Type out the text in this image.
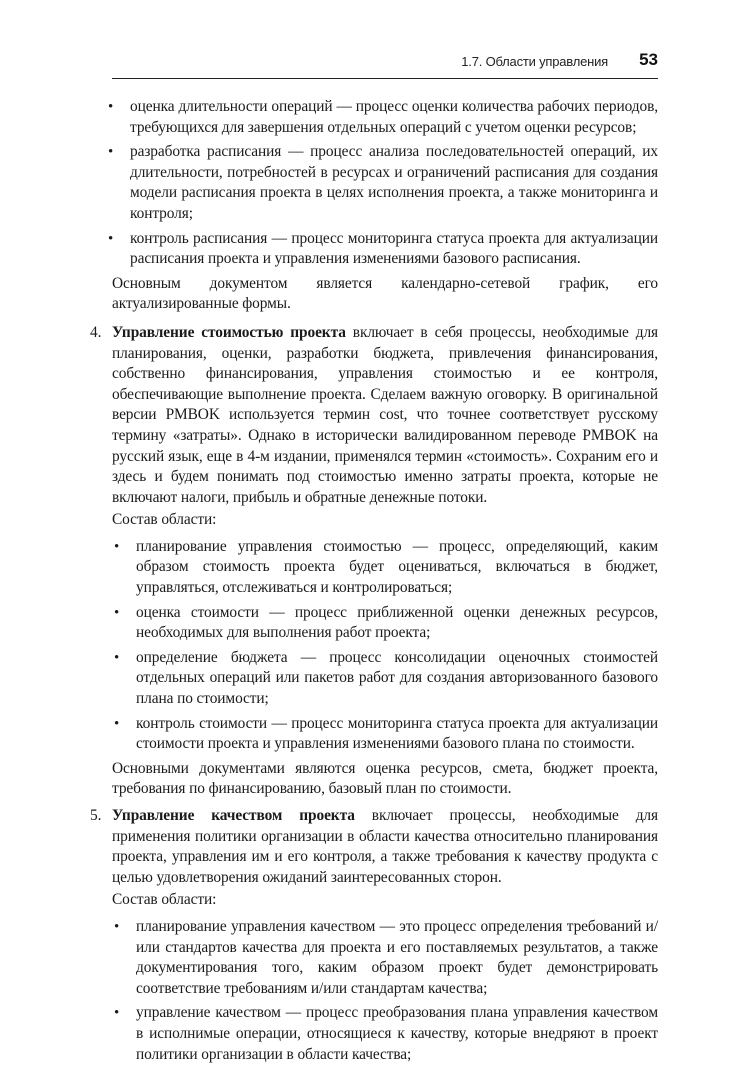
1.7. Области управления 53
• оценка длительности операций — процесс оценки количества рабочих периодов, требующихся для завершения отдельных операций с учетом оценки ресурсов;
• разработка расписания — процесс анализа последовательностей операций, их длительности, потребностей в ресурсах и ограничений расписания для создания модели расписания проекта в целях исполнения проекта, а также мониторинга и контроля;
• контроль расписания — процесс мониторинга статуса проекта для актуализации расписания проекта и управления изменениями базового расписания.

Основным документом является календарно-сетевой график, его актуализированные формы.

4. Управление стоимостью проекта включает в себя процессы, необходимые для планирования, оценки, разработки бюджета, привлечения финансирования, собственно финансирования, управления стоимостью и ее контроля, обеспечивающие выполнение проекта. Сделаем важную оговорку. В оригинальной версии PMBOK используется термин cost, что точнее соответствует русскому термину «затраты». Однако в исторически валидированном переводе PMBOK на русский язык, еще в 4-м издании, применялся термин «стоимость». Сохраним его и здесь и будем понимать под стоимостью именно затраты проекта, которые не включают налоги, прибыль и обратные денежные потоки.

Состав области:

• планирование управления стоимостью — процесс, определяющий, каким образом стоимость проекта будет оцениваться, включаться в бюджет, управляться, отслеживаться и контролироваться;
• оценка стоимости — процесс приближенной оценки денежных ресурсов, необходимых для выполнения работ проекта;
• определение бюджета — процесс консолидации оценочных стоимостей отдельных операций или пакетов работ для создания авторизованного базового плана по стоимости;
• контроль стоимости — процесс мониторинга статуса проекта для актуализации стоимости проекта и управления изменениями базового плана по стоимости.

Основными документами являются оценка ресурсов, смета, бюджет проекта, требования по финансированию, базовый план по стоимости.

5. Управление качеством проекта включает процессы, необходимые для применения политики организации в области качества относительно планирования проекта, управления им и его контроля, а также требования к качеству продукта с целью удовлетворения ожиданий заинтересованных сторон.

Состав области:

• планирование управления качеством — это процесс определения требований и/или стандартов качества для проекта и его поставляемых результатов, а также документирования того, каким образом проект будет демонстрировать соответствие требованиям и/или стандартам качества;
• управление качеством — процесс преобразования плана управления качеством в исполнимые операции, относящиеся к качеству, которые внедряют в проект политики организации в области качества;
